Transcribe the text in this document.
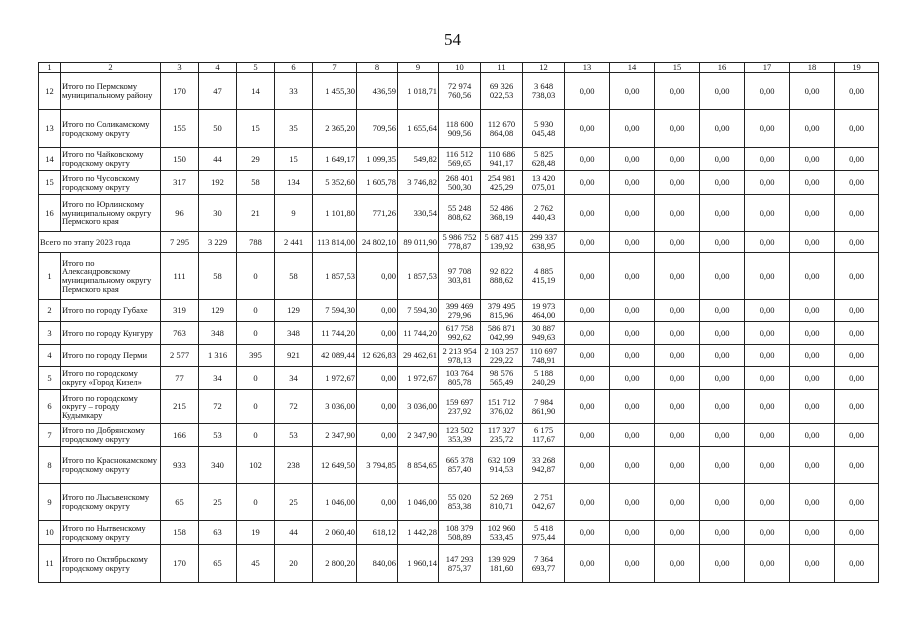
54
1	2	3	4	5	6	7	8	9	10	11	12	13	14	15	16	17	18	19
12	Итого по Пермскому муниципальному району	170	47	14	33	1 455,30	436,59	1 018,71	72 974 760,56	69 326 022,53	3 648 738,03	0,00	0,00	0,00	0,00	0,00	0,00	0,00
13	Итого по Соликамскому городскому округу	155	50	15	35	2 365,20	709,56	1 655,64	118 600 909,56	112 670 864,08	5 930 045,48	0,00	0,00	0,00	0,00	0,00	0,00	0,00
14	Итого по Чайковскому городскому округу	150	44	29	15	1 649,17	1 099,35	549,82	116 512 569,65	110 686 941,17	5 825 628,48	0,00	0,00	0,00	0,00	0,00	0,00	0,00
15	Итого по Чусовскому городскому округу	317	192	58	134	5 352,60	1 605,78	3 746,82	268 401 500,30	254 981 425,29	13 420 075,01	0,00	0,00	0,00	0,00	0,00	0,00	0,00
16	Итого по Юрлинскому муниципальному округу Пермского края	96	30	21	9	1 101,80	771,26	330,54	55 248 808,62	52 486 368,19	2 762 440,43	0,00	0,00	0,00	0,00	0,00	0,00	0,00
Всего по этапу 2023 года		7 295	3 229	788	2 441	113 814,00	24 802,10	89 011,90	5 986 752 778,87	5 687 415 139,92	299 337 638,95	0,00	0,00	0,00	0,00	0,00	0,00	0,00
1	Итого по Александровскому муниципальному округу Пермского края	111	58	0	58	1 857,53	0,00	1 857,53	97 708 303,81	92 822 888,62	4 885 415,19	0,00	0,00	0,00	0,00	0,00	0,00	0,00
2	Итого по городу Губахе	319	129	0	129	7 594,30	0,00	7 594,30	399 469 279,96	379 495 815,96	19 973 464,00	0,00	0,00	0,00	0,00	0,00	0,00	0,00
3	Итого по городу Кунгуру	763	348	0	348	11 744,20	0,00	11 744,20	617 758 992,62	586 871 042,99	30 887 949,63	0,00	0,00	0,00	0,00	0,00	0,00	0,00
4	Итого по городу Перми	2 577	1 316	395	921	42 089,44	12 626,83	29 462,61	2 213 954 978,13	2 103 257 229,22	110 697 748,91	0,00	0,00	0,00	0,00	0,00	0,00	0,00
5	Итого по городскому округу «Город Кизел»	77	34	0	34	1 972,67	0,00	1 972,67	103 764 805,78	98 576 565,49	5 188 240,29	0,00	0,00	0,00	0,00	0,00	0,00	0,00
6	Итого по городскому округу – городу Кудымкару	215	72	0	72	3 036,00	0,00	3 036,00	159 697 237,92	151 712 376,02	7 984 861,90	0,00	0,00	0,00	0,00	0,00	0,00	0,00
7	Итого по Добрянскому городскому округу	166	53	0	53	2 347,90	0,00	2 347,90	123 502 353,39	117 327 235,72	6 175 117,67	0,00	0,00	0,00	0,00	0,00	0,00	0,00
8	Итого по Краснокамскому городскому округу	933	340	102	238	12 649,50	3 794,85	8 854,65	665 378 857,40	632 109 914,53	33 268 942,87	0,00	0,00	0,00	0,00	0,00	0,00	0,00
9	Итого по Лысьвенскому городскому округу	65	25	0	25	1 046,00	0,00	1 046,00	55 020 853,38	52 269 810,71	2 751 042,67	0,00	0,00	0,00	0,00	0,00	0,00	0,00
10	Итого по Нытвенскому городскому округу	158	63	19	44	2 060,40	618,12	1 442,28	108 379 508,89	102 960 533,45	5 418 975,44	0,00	0,00	0,00	0,00	0,00	0,00	0,00
11	Итого по Октябрьскому городскому округу	170	65	45	20	2 800,20	840,06	1 960,14	147 293 875,37	139 929 181,60	7 364 693,77	0,00	0,00	0,00	0,00	0,00	0,00	0,00
